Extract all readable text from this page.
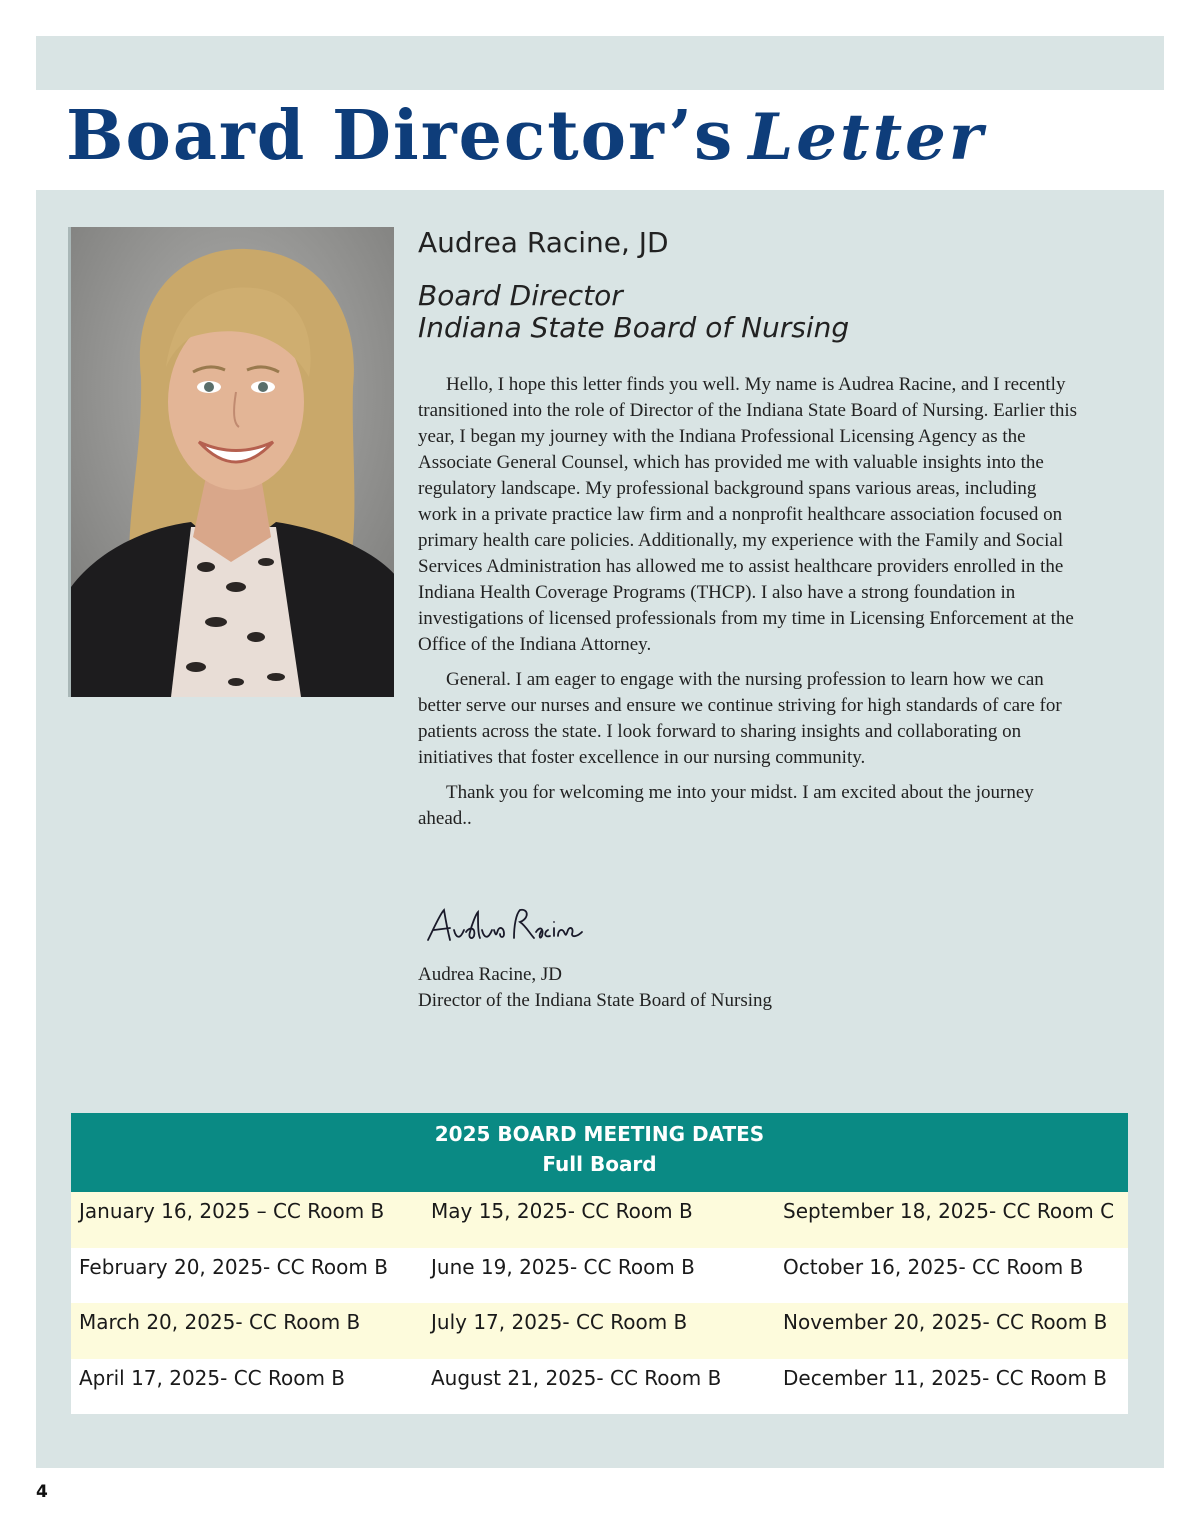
Board Director’s Letter
Audrea Racine, JD
Board Director
Indiana State Board of Nursing

Hello, I hope this letter finds you well. My name is Audrea Racine, and I recently transitioned into the role of Director of the Indiana State Board of Nursing. Earlier this year, I began my journey with the Indiana Professional Licensing Agency as the Associate General Counsel, which has provided me with valuable insights into the regulatory landscape. My professional background spans various areas, including work in a private practice law firm and a nonprofit healthcare association focused on primary health care policies. Additionally, my experience with the Family and Social Services Administration has allowed me to assist healthcare providers enrolled in the Indiana Health Coverage Programs (THCP). I also have a strong foundation in investigations of licensed professionals from my time in Licensing Enforcement at the Office of the Indiana Attorney.

General. I am eager to engage with the nursing profession to learn how we can better serve our nurses and ensure we continue striving for high standards of care for patients across the state. I look forward to sharing insights and collaborating on initiatives that foster excellence in our nursing community.

Thank you for welcoming me into your midst. I am excited about the journey ahead..

Audrea Racine, JD
Director of the Indiana State Board of Nursing
2025 BOARD MEETING DATES
Full Board
January 16, 2025 – CC Room B	May 15, 2025- CC Room B	September 18, 2025- CC Room C
February 20, 2025- CC Room B	June 19, 2025- CC Room B	October 16, 2025- CC Room B
March 20, 2025- CC Room B	July 17, 2025- CC Room B	November 20, 2025- CC Room B
April 17, 2025- CC Room B	August 21, 2025- CC Room B	December 11, 2025- CC Room B
4
